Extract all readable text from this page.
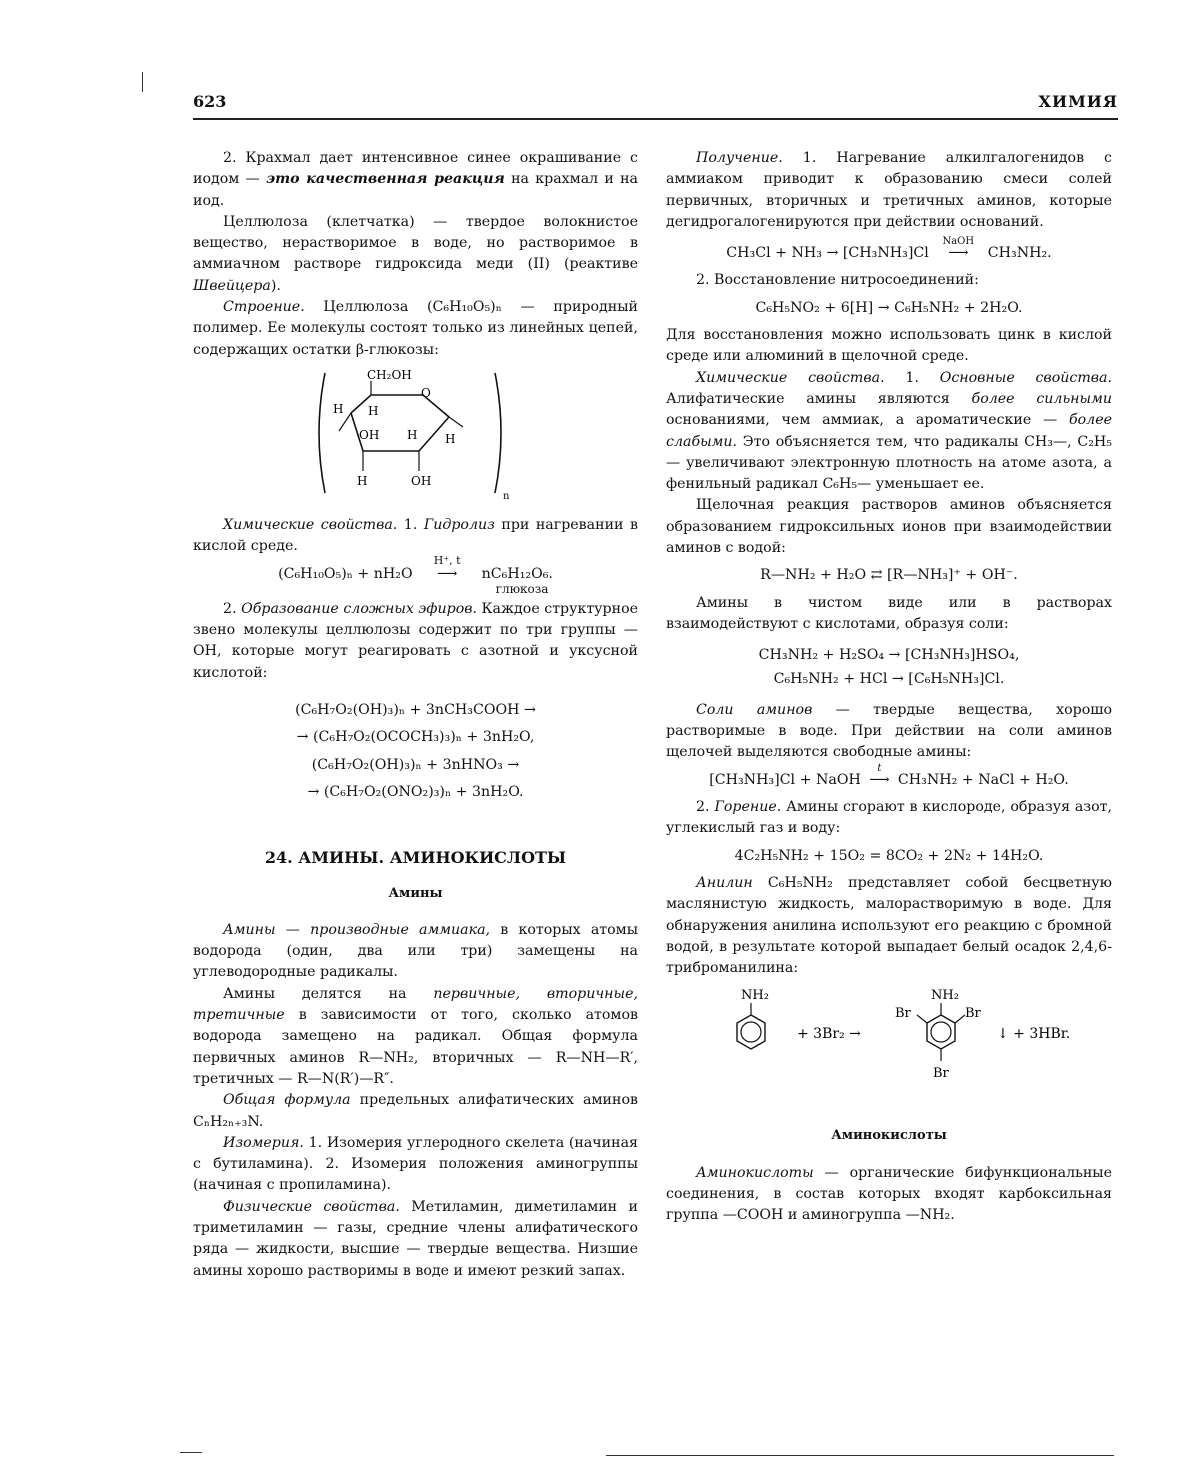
623	ХИМИЯ

2. Крахмал дает интенсивное синее окрашивание с иодом — это качественная реакция на крахмал и на иод.

Целлюлоза (клетчатка) — твердое волокнистое вещество, нерастворимое в воде, но растворимое в аммиачном растворе гидроксида меди (II) (реактиве Швейцера).

Строение. Целлюлоза (C₆H₁₀O₅)ₙ — природный полимер. Ее молекулы состоят только из линейных цепей, содержащих остатки β-глюкозы:

CH₂OH
O
H H
OH H H
H	OH
n

Химические свойства. 1. Гидролиз при нагревании в кислой среде.

(C₆H₁₀O₅)ₙ + nH₂O
H⁺, t
⟶ nC₆H₁₂O₆.
глюкоза

2. Образование сложных эфиров. Каждое структурное звено молекулы целлюлозы содержит по три группы —OH, которые могут реагировать с азотной и уксусной кислотой:

(C₆H₇O₂(OH)₃)ₙ + 3nCH₃COOH →
→ (C₆H₇O₂(OCOCH₃)₃)ₙ + 3nH₂O,
(C₆H₇O₂(OH)₃)ₙ + 3nHNO₃ →
→ (C₆H₇O₂(ONO₂)₃)ₙ + 3nH₂O.
24. АМИНЫ. АМИНОКИСЛОТЫ
Амины

Амины — производные аммиака, в которых атомы водорода (один, два или три) замещены на углеводородные радикалы.

Амины делятся на первичные, вторичные, третичные в зависимости от того, сколько атомов водорода замещено на радикал. Общая формула первичных аминов R—NH₂, вторичных — R—NH—R′, третичных — R—N(R′)—R″.

Общая формула предельных алифатических аминов CₙH₂ₙ₊₃N.

Изомерия. 1. Изомерия углеродного скелета (начиная с бутиламина). 2. Изомерия положения аминогруппы (начиная с пропиламина).

Физические свойства. Метиламин, диметиламин и триметиламин — газы, средние члены алифатического ряда — жидкости, высшие — твердые вещества. Низшие амины хорошо растворимы в воде и имеют резкий запах.

Получение. 1. Нагревание алкилгалогенидов с аммиаком приводит к образованию смеси солей первичных, вторичных и третичных аминов, которые дегидрогалогенируются при действии оснований.

CH₃Cl + NH₃ → [CH₃NH₃]Cl
NaOH
⟶ CH₃NH₂.

2. Восстановление нитросоединений:

C₆H₅NO₂ + 6[H] → C₆H₅NH₂ + 2H₂O.

Для восстановления можно использовать цинк в кислой среде или алюминий в щелочной среде.

Химические свойства. 1. Основные свойства. Алифатические амины являются более сильными основаниями, чем аммиак, а ароматические — более слабыми. Это объясняется тем, что радикалы CH₃—, C₂H₅— увеличивают электронную плотность на атоме азота, а фенильный радикал C₆H₅— уменьшает ее.

Щелочная реакция растворов аминов объясняется образованием гидроксильных ионов при взаимодействии аминов с водой:

R—NH₂ + H₂O ⇄ [R—NH₃]⁺ + OH⁻.

Амины в чистом виде или в растворах взаимодействуют с кислотами, образуя соли:

CH₃NH₂ + H₂SO₄ → [CH₃NH₃]HSO₄,
C₆H₅NH₂ + HCl → [C₆H₅NH₃]Cl.

Соли аминов — твердые вещества, хорошо растворимые в воде. При действии на соли аминов щелочей выделяются свободные амины:

[CH₃NH₃]Cl + NaOH
t
⟶ CH₃NH₂ + NaCl + H₂O.

2. Горение. Амины сгорают в кислороде, образуя азот, углекислый газ и воду:

4C₂H₅NH₂ + 15O₂ = 8CO₂ + 2N₂ + 14H₂O.

Анилин C₆H₅NH₂ представляет собой бесцветную маслянистую жидкость, малорастворимую в воде. Для обнаружения анилина используют его реакцию с бромной водой, в результате которой выпадает белый осадок 2,4,6-триброманилина:

NH₂
+ 3Br₂ →
NH₂
Br	Br
Br
↓ + 3HBr.
Аминокислоты

Аминокислоты — органические бифункциональные соединения, в состав которых входят карбоксильная группа —COOH и аминогруппа —NH₂.
